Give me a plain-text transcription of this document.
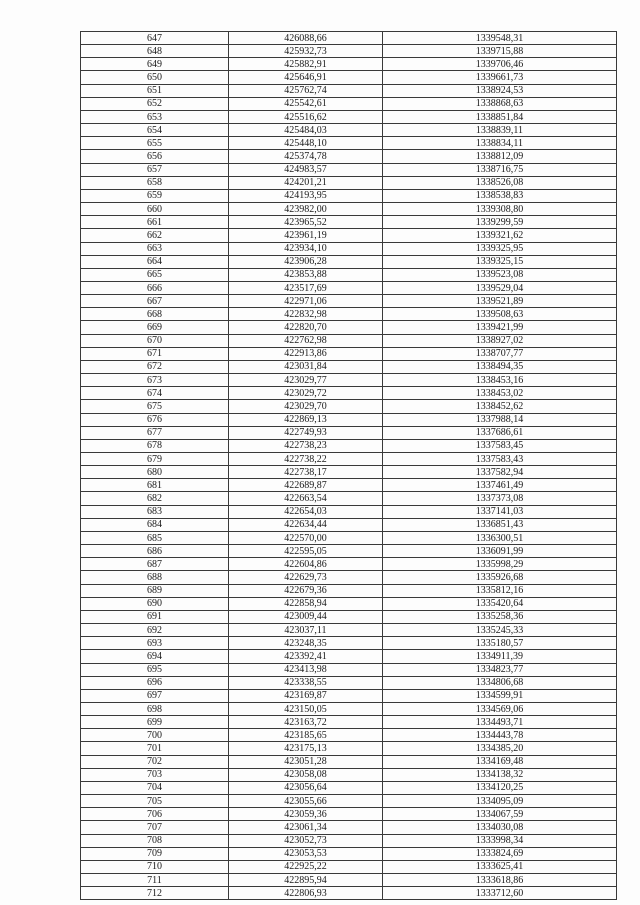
647	426088,66	1339548,31
648	425932,73	1339715,88
649	425882,91	1339706,46
650	425646,91	1339661,73
651	425762,74	1338924,53
652	425542,61	1338868,63
653	425516,62	1338851,84
654	425484,03	1338839,11
655	425448,10	1338834,11
656	425374,78	1338812,09
657	424983,57	1338716,75
658	424201,21	1338526,08
659	424193,95	1338538,83
660	423982,00	1339308,80
661	423965,52	1339299,59
662	423961,19	1339321,62
663	423934,10	1339325,95
664	423906,28	1339325,15
665	423853,88	1339523,08
666	423517,69	1339529,04
667	422971,06	1339521,89
668	422832,98	1339508,63
669	422820,70	1339421,99
670	422762,98	1338927,02
671	422913,86	1338707,77
672	423031,84	1338494,35
673	423029,77	1338453,16
674	423029,72	1338453,02
675	423029,70	1338452,62
676	422869,13	1337988,14
677	422749,93	1337686,61
678	422738,23	1337583,45
679	422738,22	1337583,43
680	422738,17	1337582,94
681	422689,87	1337461,49
682	422663,54	1337373,08
683	422654,03	1337141,03
684	422634,44	1336851,43
685	422570,00	1336300,51
686	422595,05	1336091,99
687	422604,86	1335998,29
688	422629,73	1335926,68
689	422679,36	1335812,16
690	422858,94	1335420,64
691	423009,44	1335258,36
692	423037,11	1335245,33
693	423248,35	1335180,57
694	423392,41	1334911,39
695	423413,98	1334823,77
696	423338,55	1334806,68
697	423169,87	1334599,91
698	423150,05	1334569,06
699	423163,72	1334493,71
700	423185,65	1334443,78
701	423175,13	1334385,20
702	423051,28	1334169,48
703	423058,08	1334138,32
704	423056,64	1334120,25
705	423055,66	1334095,09
706	423059,36	1334067,59
707	423061,34	1334030,08
708	423052,73	1333998,34
709	423053,53	1333824,69
710	422925,22	1333625,41
711	422895,94	1333618,86
712	422806,93	1333712,60
